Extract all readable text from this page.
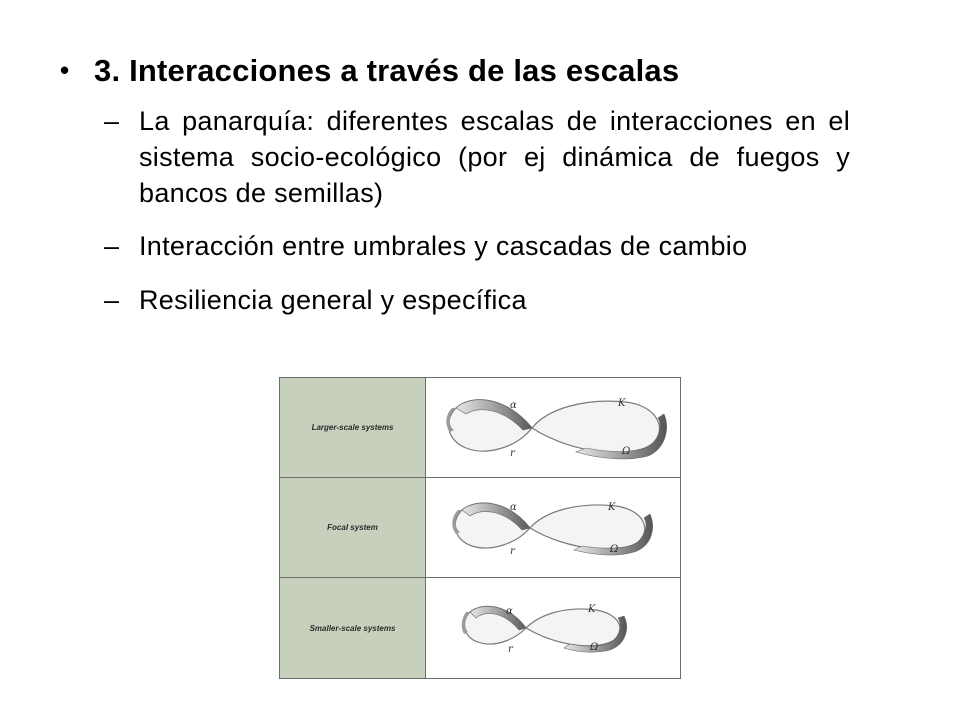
• 3. Interacciones a través de las escalas
– La panarquía: diferentes escalas de interacciones en el sistema socio-ecológico (por ej dinámica de fuegos y bancos de semillas)
– Interacción entre umbrales y cascadas de cambio
– Resiliencia general y específica
Larger-scale systems
α	K
r	Ω
Focal system
α	K
r	Ω
Smaller-scale systems
α	K
r	Ω
